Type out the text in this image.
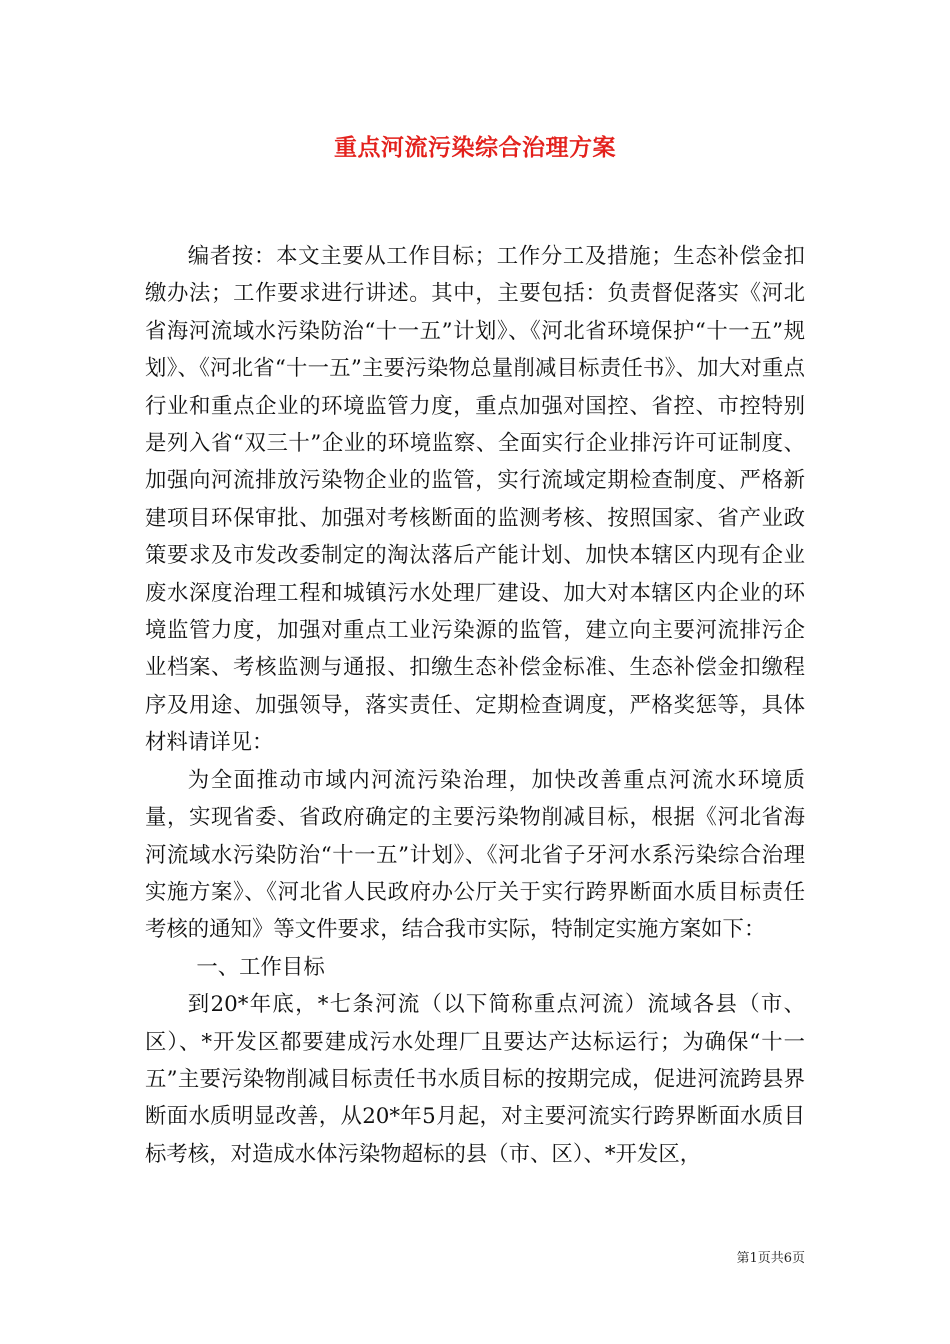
重点河流污染综合治理方案

编者按：本文主要从工作目标；工作分工及措施；生态补偿金扣缴办法；工作要求进行讲述。其中，主要包括：负责督促落实《河北省海河流域水污染防治“十一五”计划》、《河北省环境保护“十一五”规划》、《河北省“十一五”主要污染物总量削减目标责任书》、加大对重点行业和重点企业的环境监管力度，重点加强对国控、省控、市控特别是列入省“双三十”企业的环境监察、全面实行企业排污许可证制度、加强向河流排放污染物企业的监管，实行流域定期检查制度、严格新建项目环保审批、加强对考核断面的监测考核、按照国家、省产业政策要求及市发改委制定的淘汰落后产能计划、加快本辖区内现有企业废水深度治理工程和城镇污水处理厂建设、加大对本辖区内企业的环境监管力度，加强对重点工业污染源的监管，建立向主要河流排污企业档案、考核监测与通报、扣缴生态补偿金标准、生态补偿金扣缴程序及用途、加强领导，落实责任、定期检查调度，严格奖惩等，具体材料请详见：

为全面推动市域内河流污染治理，加快改善重点河流水环境质量，实现省委、省政府确定的主要污染物削减目标，根据《河北省海河流域水污染防治“十一五”计划》、《河北省子牙河水系污染综合治理实施方案》、《河北省人民政府办公厅关于实行跨界断面水质目标责任考核的通知》等文件要求，结合我市实际，特制定实施方案如下：

一、工作目标

到20*年底，*七条河流（以下简称重点河流）流域各县（市、区）、*开发区都要建成污水处理厂且要达产达标运行；为确保“十一五”主要污染物削减目标责任书水质目标的按期完成，促进河流跨县界断面水质明显改善，从20*年5月起，对主要河流实行跨界断面水质目标考核，对造成水体污染物超标的县（市、区）、*开发区，

第1页共6页
